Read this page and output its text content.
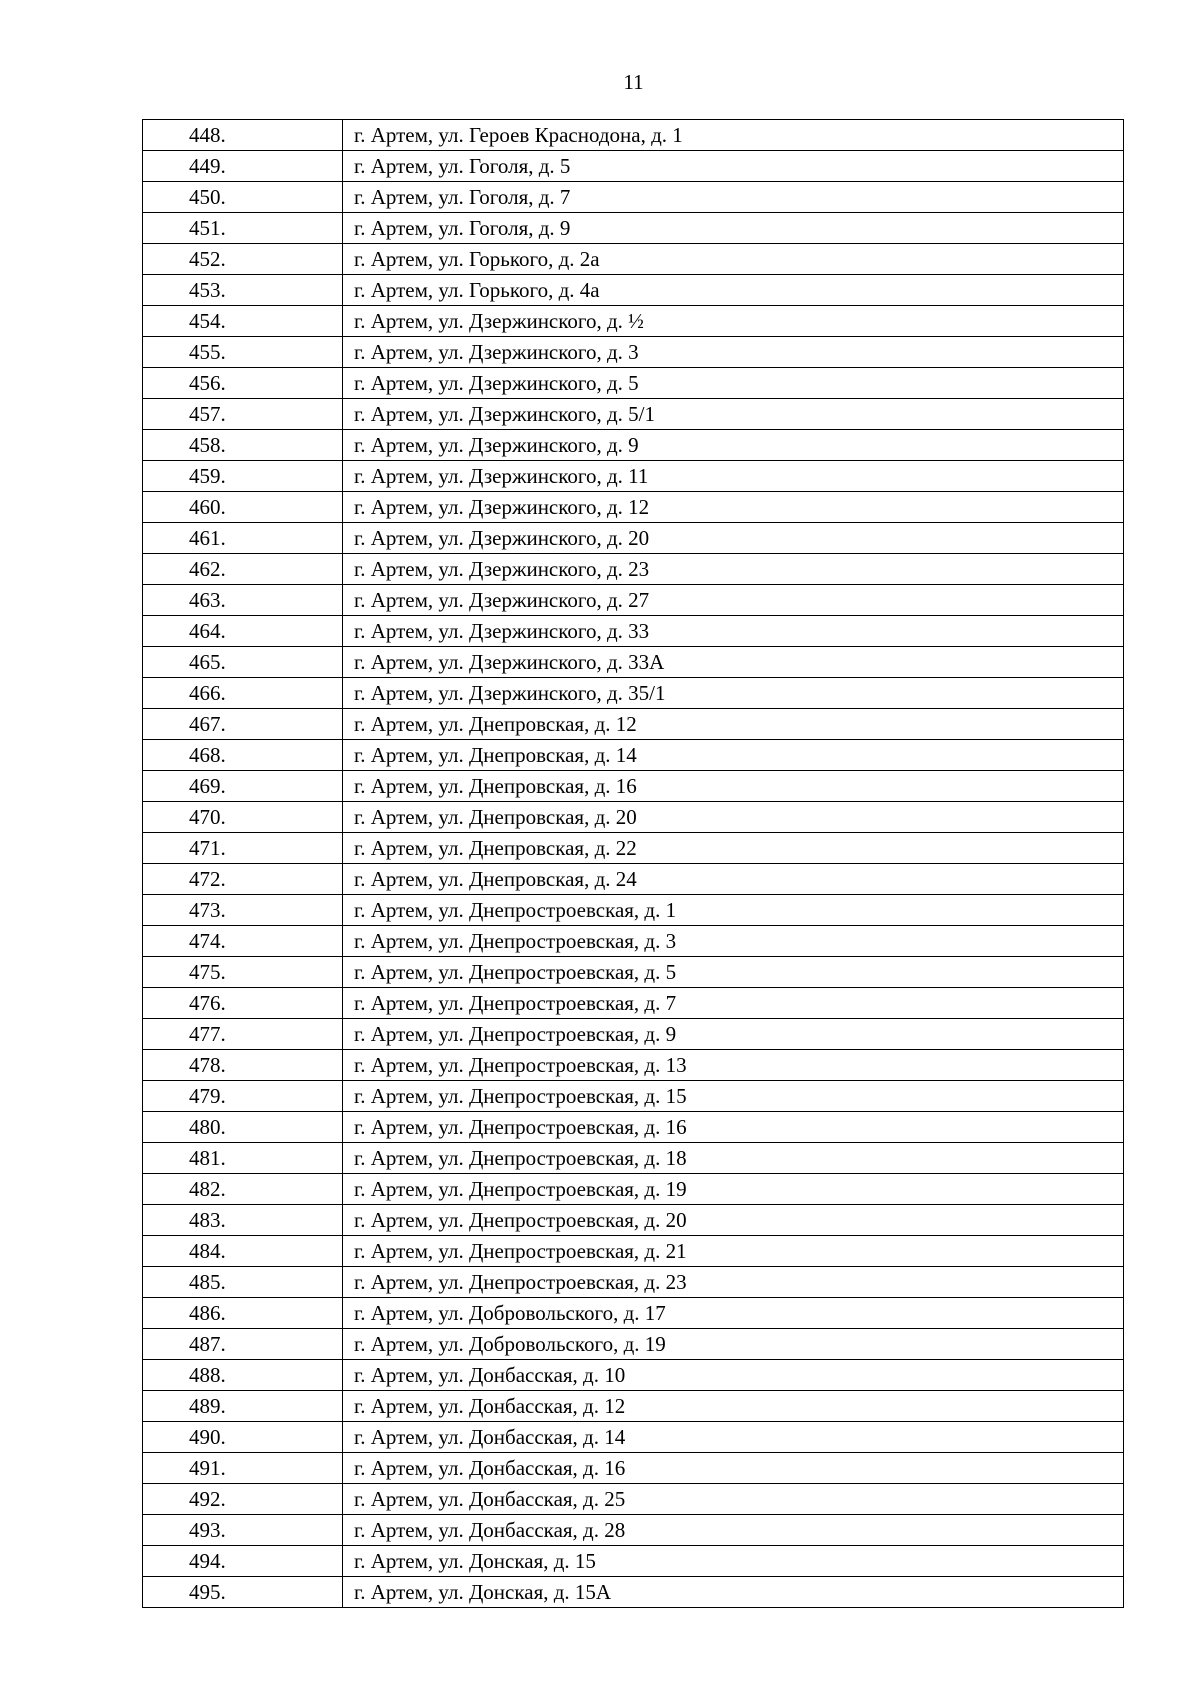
11
448.	г. Артем, ул. Героев Краснодона, д. 1
449.	г. Артем, ул. Гоголя, д. 5
450.	г. Артем, ул. Гоголя, д. 7
451.	г. Артем, ул. Гоголя, д. 9
452.	г. Артем, ул. Горького, д. 2а
453.	г. Артем, ул. Горького, д. 4а
454.	г. Артем, ул. Дзержинского, д. ½
455.	г. Артем, ул. Дзержинского, д. 3
456.	г. Артем, ул. Дзержинского, д. 5
457.	г. Артем, ул. Дзержинского, д. 5/1
458.	г. Артем, ул. Дзержинского, д. 9
459.	г. Артем, ул. Дзержинского, д. 11
460.	г. Артем, ул. Дзержинского, д. 12
461.	г. Артем, ул. Дзержинского, д. 20
462.	г. Артем, ул. Дзержинского, д. 23
463.	г. Артем, ул. Дзержинского, д. 27
464.	г. Артем, ул. Дзержинского, д. 33
465.	г. Артем, ул. Дзержинского, д. 33А
466.	г. Артем, ул. Дзержинского, д. 35/1
467.	г. Артем, ул. Днепровская, д. 12
468.	г. Артем, ул. Днепровская, д. 14
469.	г. Артем, ул. Днепровская, д. 16
470.	г. Артем, ул. Днепровская, д. 20
471.	г. Артем, ул. Днепровская, д. 22
472.	г. Артем, ул. Днепровская, д. 24
473.	г. Артем, ул. Днепростроевская, д. 1
474.	г. Артем, ул. Днепростроевская, д. 3
475.	г. Артем, ул. Днепростроевская, д. 5
476.	г. Артем, ул. Днепростроевская, д. 7
477.	г. Артем, ул. Днепростроевская, д. 9
478.	г. Артем, ул. Днепростроевская, д. 13
479.	г. Артем, ул. Днепростроевская, д. 15
480.	г. Артем, ул. Днепростроевская, д. 16
481.	г. Артем, ул. Днепростроевская, д. 18
482.	г. Артем, ул. Днепростроевская, д. 19
483.	г. Артем, ул. Днепростроевская, д. 20
484.	г. Артем, ул. Днепростроевская, д. 21
485.	г. Артем, ул. Днепростроевская, д. 23
486.	г. Артем, ул. Добровольского, д. 17
487.	г. Артем, ул. Добровольского, д. 19
488.	г. Артем, ул. Донбасская, д. 10
489.	г. Артем, ул. Донбасская, д. 12
490.	г. Артем, ул. Донбасская, д. 14
491.	г. Артем, ул. Донбасская, д. 16
492.	г. Артем, ул. Донбасская, д. 25
493.	г. Артем, ул. Донбасская, д. 28
494.	г. Артем, ул. Донская, д. 15
495.	г. Артем, ул. Донская, д. 15А
